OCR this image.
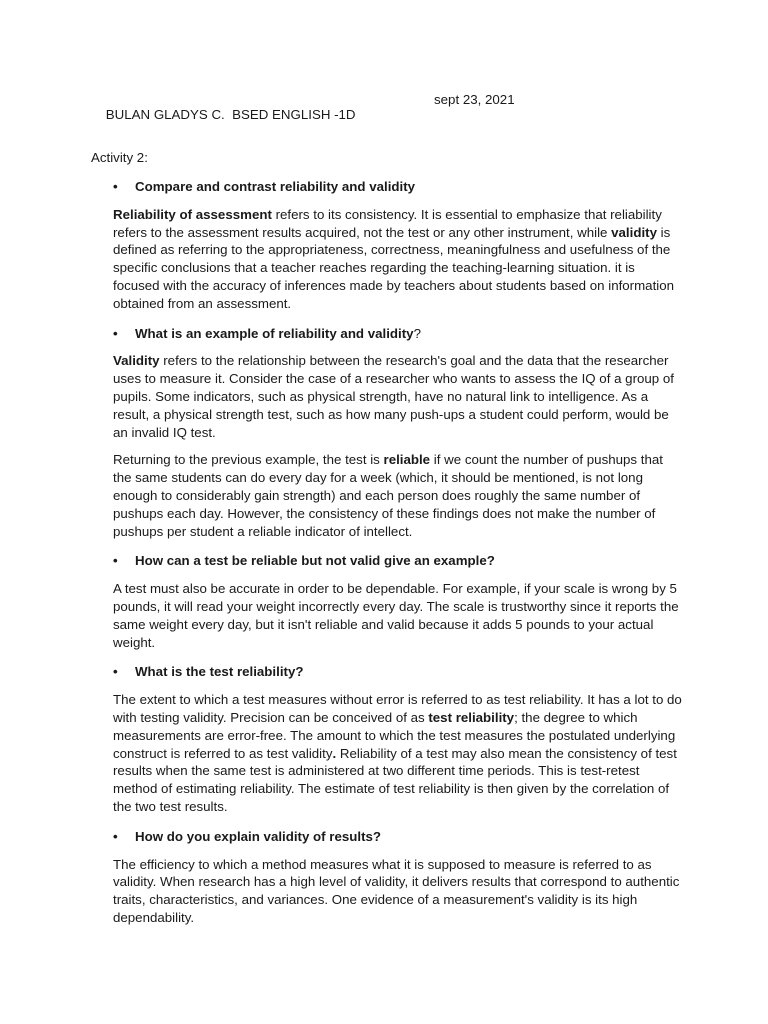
BULAN GLADYS C.  BSED ENGLISH -1D

sept 23, 2021

Activity 2:
• Compare and contrast reliability and validity
Reliability of assessment refers to its consistency. It is essential to emphasize that reliability refers to the assessment results acquired, not the test or any other instrument, while validity is defined as referring to the appropriateness, correctness, meaningfulness and usefulness of the specific conclusions that a teacher reaches regarding the teaching-learning situation. it is focused with the accuracy of inferences made by teachers about students based on information obtained from an assessment.
• What is an example of reliability and validity?
Validity refers to the relationship between the research's goal and the data that the researcher uses to measure it. Consider the case of a researcher who wants to assess the IQ of a group of pupils. Some indicators, such as physical strength, have no natural link to intelligence. As a result, a physical strength test, such as how many push-ups a student could perform, would be an invalid IQ test.
Returning to the previous example, the test is reliable if we count the number of pushups that the same students can do every day for a week (which, it should be mentioned, is not long enough to considerably gain strength) and each person does roughly the same number of pushups each day. However, the consistency of these findings does not make the number of pushups per student a reliable indicator of intellect.
• How can a test be reliable but not valid give an example?
A test must also be accurate in order to be dependable. For example, if your scale is wrong by 5 pounds, it will read your weight incorrectly every day. The scale is trustworthy since it reports the same weight every day, but it isn't reliable and valid because it adds 5 pounds to your actual weight.
• What is the test reliability?
The extent to which a test measures without error is referred to as test reliability. It has a lot to do with testing validity. Precision can be conceived of as test reliability; the degree to which measurements are error-free. The amount to which the test measures the postulated underlying construct is referred to as test validity. Reliability of a test may also mean the consistency of test results when the same test is administered at two different time periods. This is test-retest method of estimating reliability. The estimate of test reliability is then given by the correlation of the two test results.
• How do you explain validity of results?
The efficiency to which a method measures what it is supposed to measure is referred to as validity. When research has a high level of validity, it delivers results that correspond to authentic traits, characteristics, and variances. One evidence of a measurement's validity is its high dependability.
